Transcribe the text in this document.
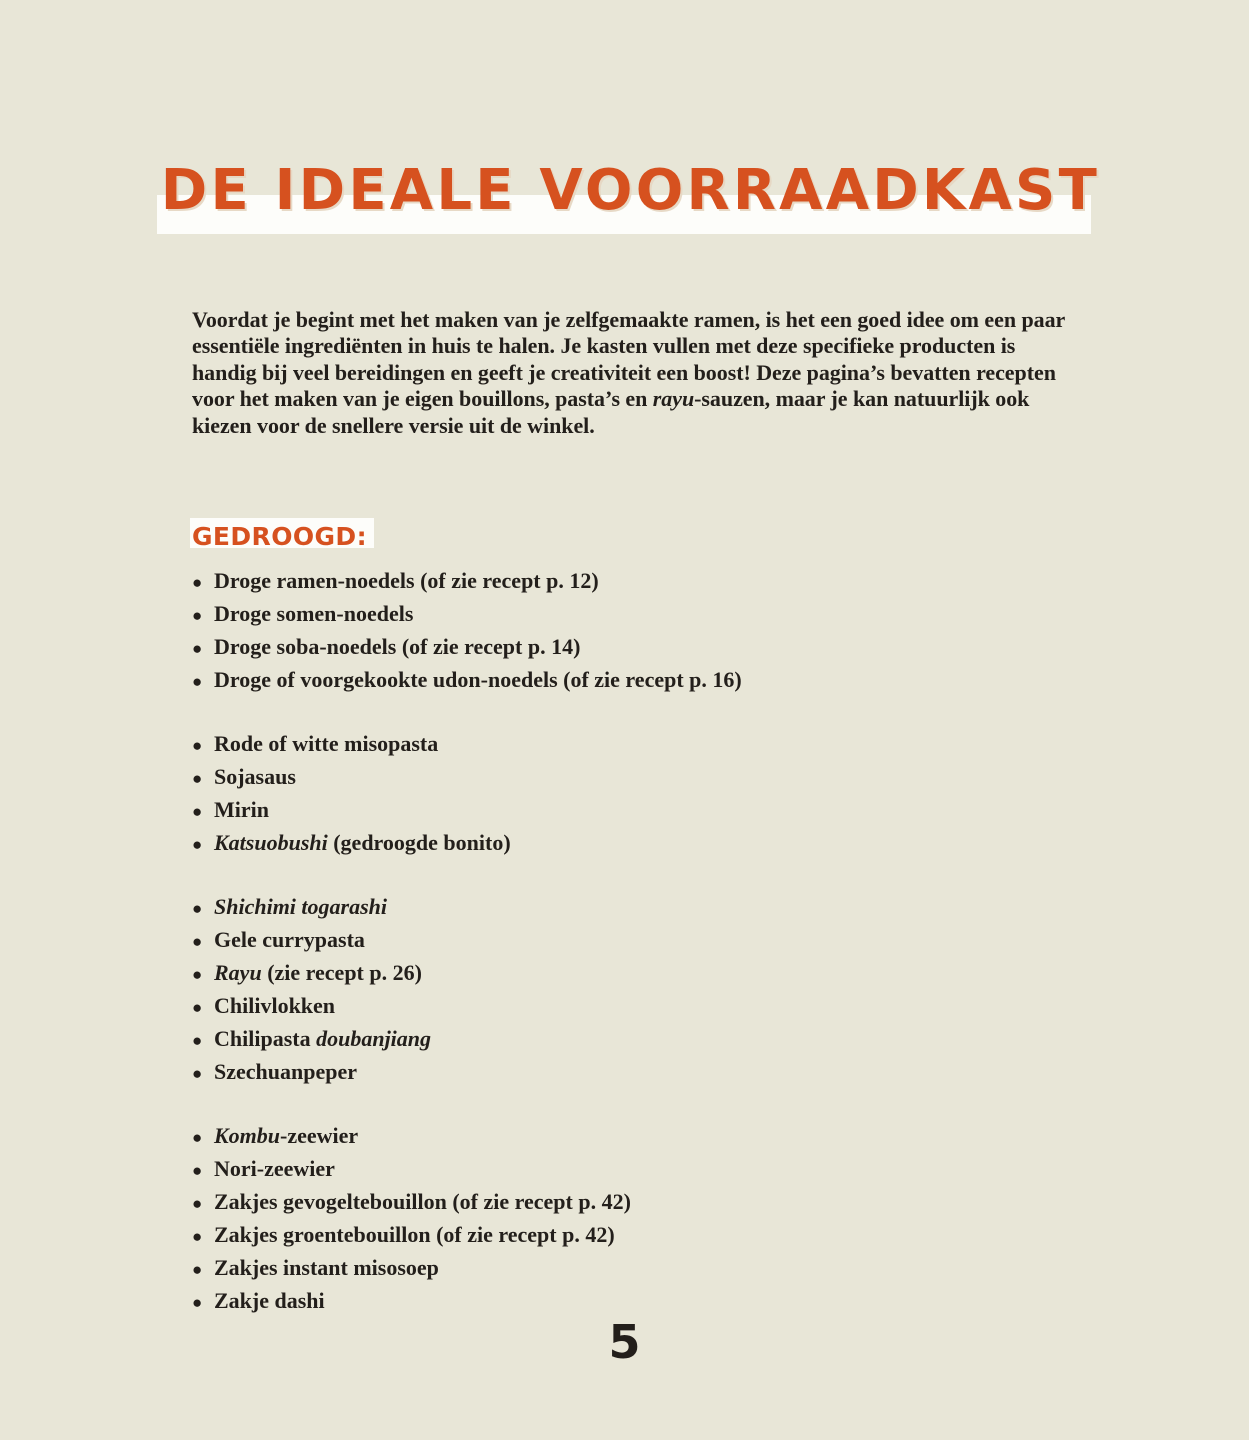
DE IDEALE VOORRAADKAST
Voordat je begint met het maken van je zelfgemaakte ramen, is het een goed idee om een paar essentiële ingrediënten in huis te halen. Je kasten vullen met deze specifieke producten is handig bij veel bereidingen en geeft je creativiteit een boost! Deze pagina’s bevatten recepten voor het maken van je eigen bouillons, pasta’s en rayu-sauzen, maar je kan natuurlijk ook kiezen voor de snellere versie uit de winkel.
GEDROOGD:
● Droge ramen-noedels (of zie recept p. 12)
● Droge somen-noedels
● Droge soba-noedels (of zie recept p. 14)
● Droge of voorgekookte udon-noedels (of zie recept p. 16)
● Rode of witte misopasta
● Sojasaus
● Mirin
● Katsuobushi (gedroogde bonito)
● Shichimi togarashi
● Gele currypasta
● Rayu (zie recept p. 26)
● Chilivlokken
● Chilipasta doubanjiang
● Szechuanpeper
● Kombu-zeewier
● Nori-zeewier
● Zakjes gevogeltebouillon (of zie recept p. 42)
● Zakjes groentebouillon (of zie recept p. 42)
● Zakjes instant misosoep
● Zakje dashi
5
